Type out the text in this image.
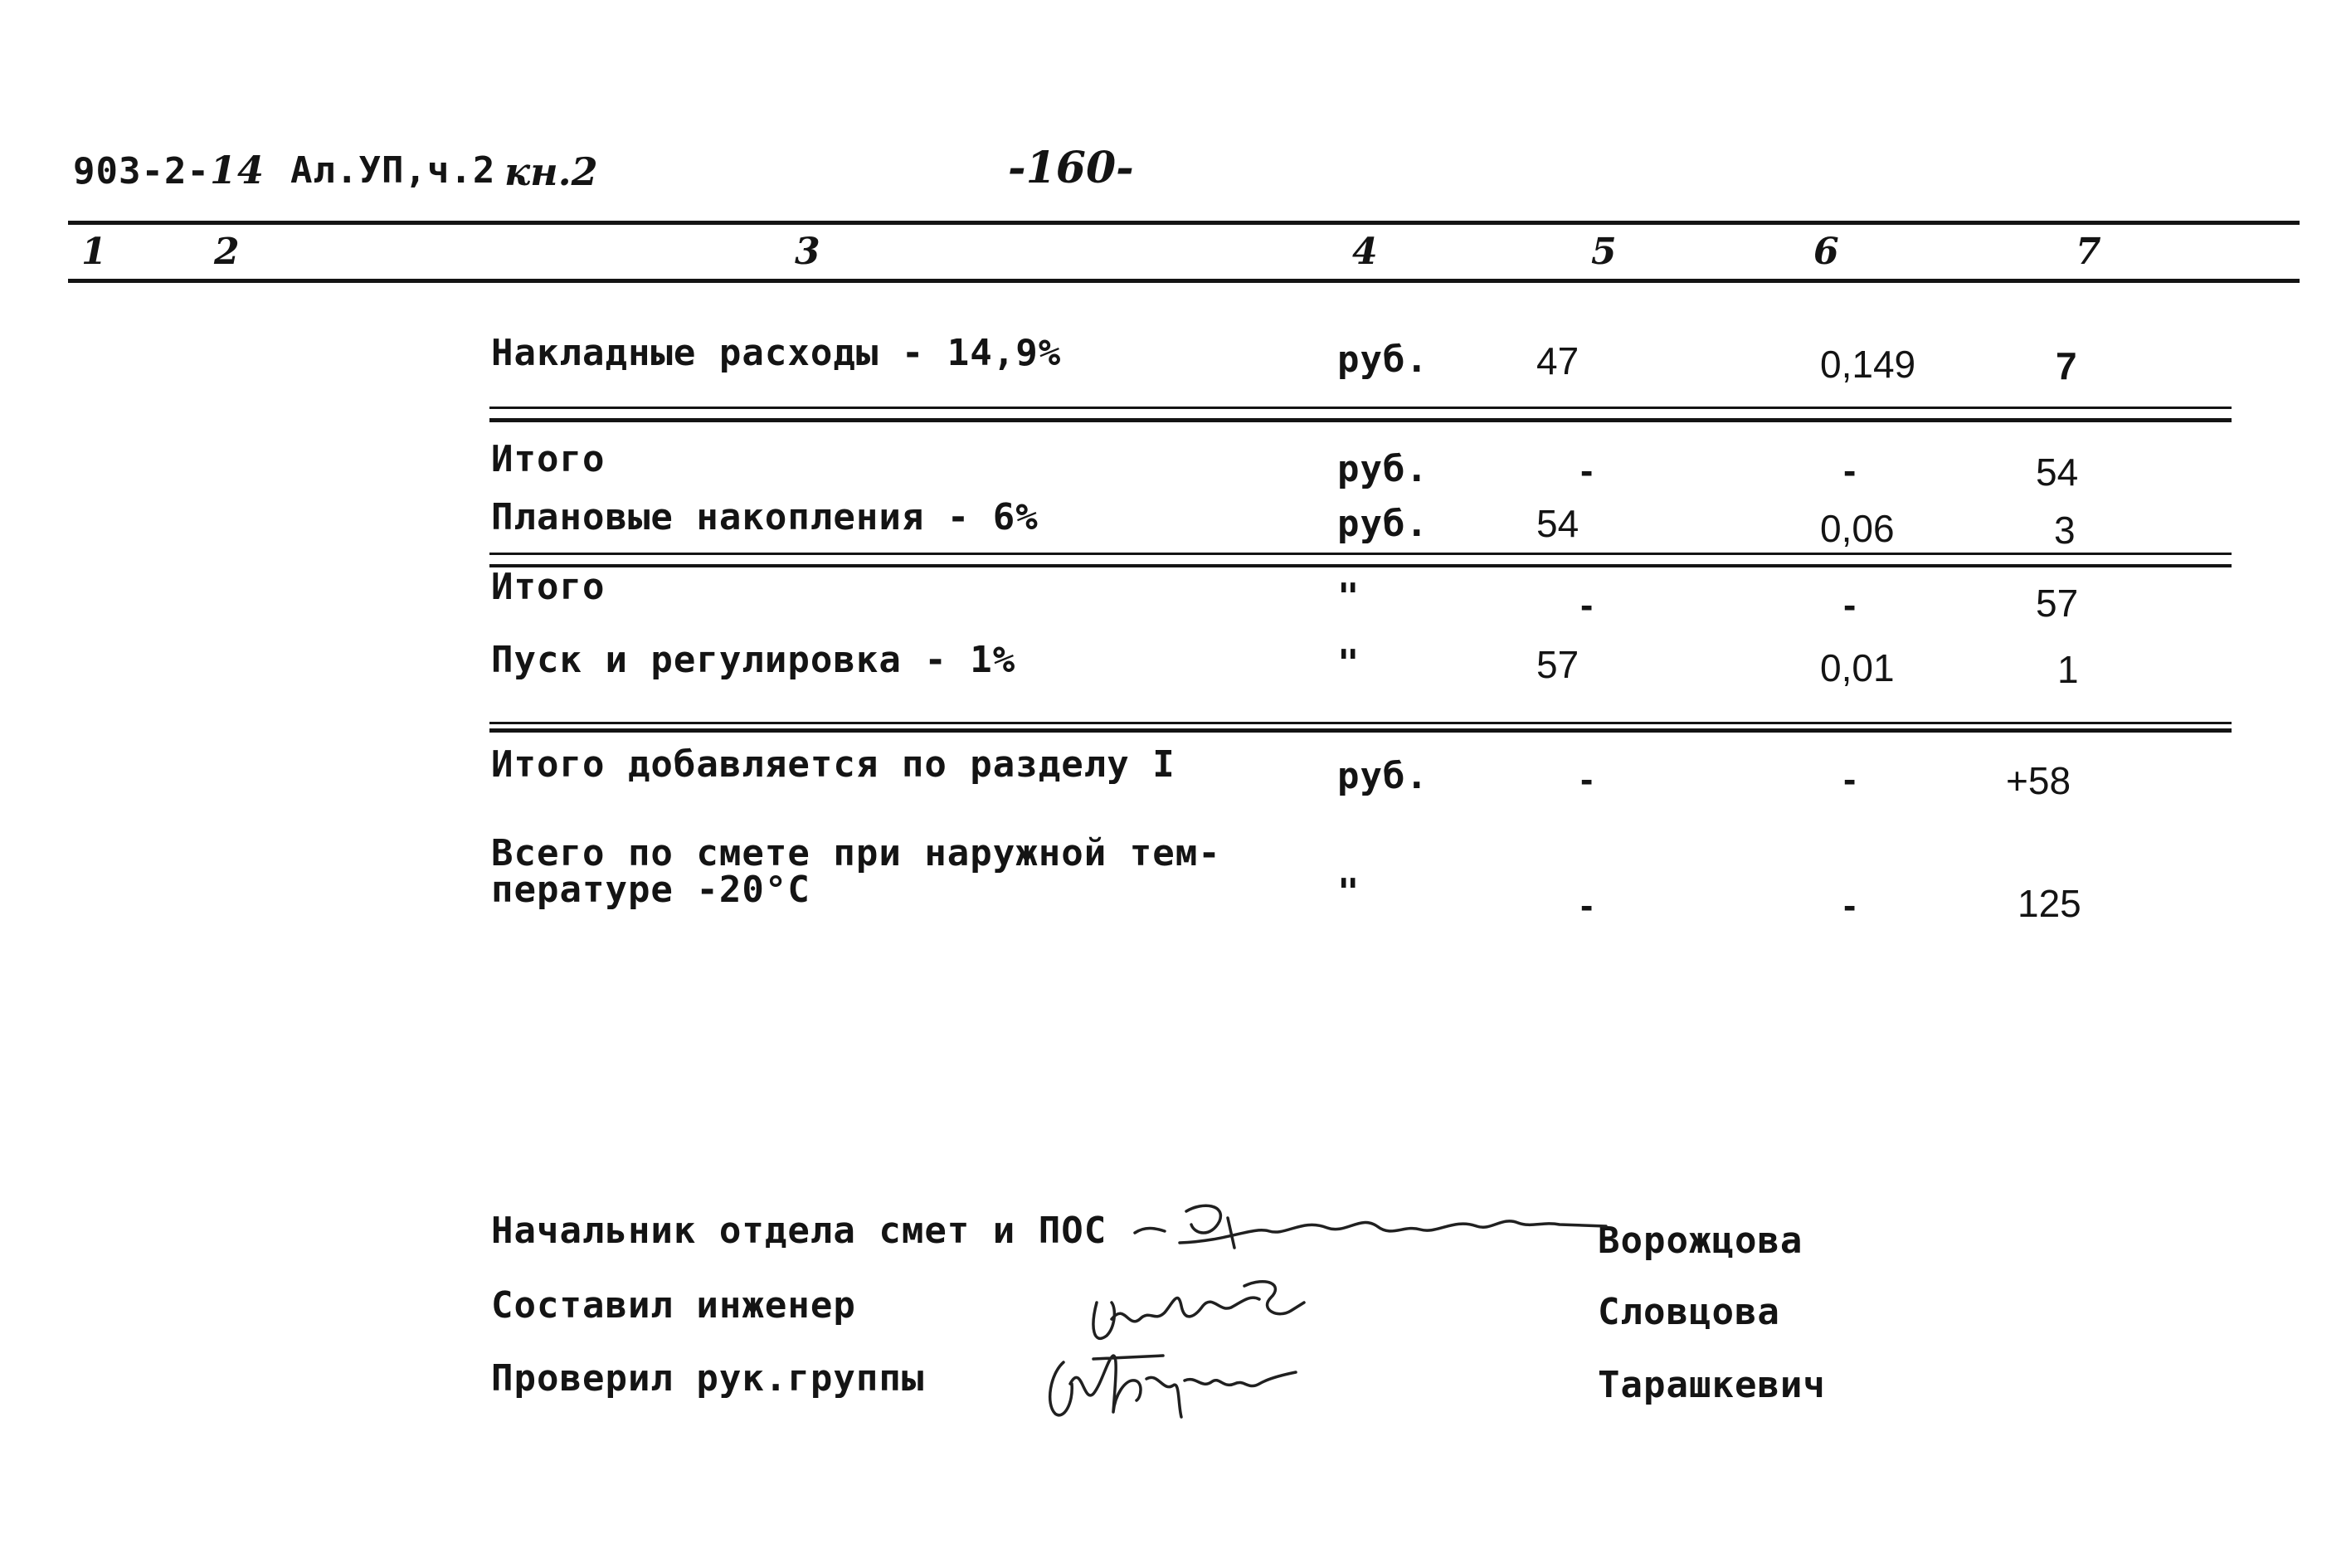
903-2-14 Ал.УП,ч.2 кн.2	-160-
1	2	3	4	5	6	7
Накладные расходы - 14,9%	руб.	47	0,149	7
Итого	руб.	-	-	54
Плановые накопления - 6%	руб.	54	0,06	3
Итого	"	-	-	57
Пуск и регулировка - 1%	"	57	0,01	1
Итого добавляется по разделу I	руб.	-	-	+58
Всего по смете при наружной тем-
пературе -20°С	"	-	-	125
Начальник отдела смет и ПОС	Ворожцова
Составил инженер	Словцова
Проверил рук.группы	Тарашкевич
